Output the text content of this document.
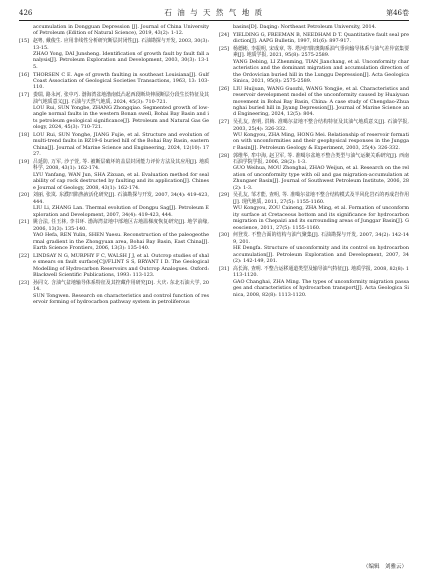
426	石 油 与 天 然 气 地 质	第46卷

accumulation in Dongguan Depression [J]. Journal of China University of Petroleum (Edition of Natural Science), 2019, 43(2): 1-12.

[15] 赵粤, 戴俊生. 应用非线性分析研究断层封闭性[J]. 石油勘探与开发, 2003, 30(3): 13-15.

ZHAO Yong, DAI Junsheng. Identification of growth fault by fault fall analysis[J]. Petroleum Exploration and Development, 2003, 30(3): 13-15.

[16] THORSEN C E. Age of growth faulting in southeast Louisiana[J]. Gulf Coast Association of Geological Societies Transactions, 1963, 13: 103-110.

[17] 娄瑞, 路永河, 张中巧. 渤海湾盆地渤南低凸起西段断块伸展断层分段生长特征及其油气地质意义[J]. 石油与天然气地质, 2024, 45(3): 710-721.

LOU Rui, SUN Yongbe, ZHANG Zhongqiao. Segmented growth of low-angle normal faults in the western Bonan swell, Bohai Bay Basin and its petroleum geological significance[J]. Petroleum and Natural Gas Geology, 2024, 45(3): 710-721.

[18] LOU Rui, SUN Yonghe, JIANG Fujie, et al. Structure and evolution of multi-trend faults in BZ19-6 buried hill of the Bohai Bay Basin, eastern China[J]. Journal of Marine Science and Engineering, 2024, 12(10): 1727.

[19] 吕延防, 万军, 沙子萱, 等. 被断层破坏的盖层封闭能力评价方法及其应用[J]. 地质科学, 2008, 43(1): 162-174.

LYU Yanfang, WAN Jun, SHA Zixuan, et al. Evaluation method for seal ability of cap rock destructed by faulting and its application[J]. Chinese Journal of Geology, 2008, 43(1): 162-174.

[20] 刘丽, 张岚. 东濮凹陷热液活化研究[J]. 石油勘探与开发, 2007, 34(4): 419-423, 444.

LIU Li, ZHANG Lan. Thermal evolution of Dongpu Sag[J]. Petroleum Exploration and Development, 2007, 34(4): 419-423, 444.

[21] 姚合法, 任玉林, 李书环. 渤海湾盆地中部地区古地温梯度恢复研究[J]. 地学前缘, 2006, 13(3): 135-140.

YAO Hefa, REN Yulin, SHEN Yuesu. Reconstruction of the paleogeothermal gradient in the Zhongyuan area, Bohai Bay Basin, East China[J]. Earth Science Frontiers, 2006, 13(3): 135-140.

[22] LINDSAY N G, MURPHY F C, WALSH J J, et al. Outcrop studies of shale smears on fault surface[C]//FLINT S S, BRYANT I D. The Geological Modelling of Hydrocarbon Reservoirs and Outcrop Analogues. Oxford: Blackwell Scientific Publications, 1993: 113-123.

[23] 孙同文. 含油气盆地输导体系特征及其控藏作用研究[D]. 大庆: 东北石油大学, 2014.

SUN Tongwen. Research on characteristics and control function of reservoir forming of hydrocarbon pathway system in petroliferous

basins[D]. Daqing: Northeast Petroleum University, 2014.

[24] YIELDING G, FREEMAN B, NEEDHAM D T. Quantitative fault seal prediction[J]. AAPG Bulletin, 1997, 81(6): 897-917.

[25] 杨德彬, 李振明, 宋成章, 等. 塔河凹陷奥陶系油气垂向输导体系与油气差异富集要素[J]. 地质学报, 2021, 95(8): 2575-2589.

YANG Debing, LI Zhenming, TIAN Jianchang, et al. Unconformity characteristics and the dominant migration and accumulation direction of the Ordovician buried hill in the Lunggu Depression[J]. Acta Geologica Sinica, 2021, 95(8): 2575-2589.

[26] LIU Huijuan, WANG Guozhi, WANG Yongjie, et al. Characteristics and reservoir development model of the unconformity caused by Huaiyuan movement in Bohai Bay Basin, China: A case study of Chengdao-Zhuanghai buried hill in Jiyang Depression[J]. Journal of Marine Science and Engineering, 2024, 12(5): 804.

[27] 吴孔友, 查明, 洪梅. 准噶尔盆地不整合结构特征及其油气地质意义[J]. 石油学报, 2003, 25(4): 326-332.

WU Kongyou, ZHA Ming, HONG Mei. Relationship of reservoir formation with unconformities and their geophysical responses in the Junggar Basin[J]. Petroleum Geology & Experiment, 2003, 25(4): 326-332.

[28] 郭维华, 牟中海, 赵卫军, 等. 准噶尔盆地不整合类型与油气运聚关系研究[J]. 西南石油学院学报, 2006, 28(2): 1-3.

GUO Weihua, MOU Zhonghai, ZHAO Weijun, et al. Research on the relation of unconformity type with oil and gas migration-accumulation at Zhungaer Basin[J]. Journal of Southwest Petroleum Institute, 2006, 28(2): 1-3.

[29] 吴孔友, 邹才能, 查明, 等. 准噶尔盆地不整合结构模式及半风化岩石的再成岩作用[J]. 现代地质, 2011, 27(5): 1155-1160.

WU Kongyou, ZOU Caineng, ZHA Ming, et al. Formation of unconformity surface at Cretaceous bottom and its significance for hydrocarbon migration in Chepaizi and its surrounding areas of Junggar Basin[J]. Geoscience, 2011, 27(5): 1155-1160.

[30] 何登发. 不整合面的结构与油气聚集[J]. 石油勘探与开发, 2007, 34(2): 142-149, 201.

HE Dengfa. Structure of unconformity and its control on hydrocarbon accumulation[J]. Petroleum Exploration and Development, 2007, 34(2): 142-149, 201.

[31] 高长海, 查明. 不整合运移通道类型及输导油气特征[J]. 地质学报, 2008, 82(8): 1113-1120.

GAO Changhai, ZHA Ming. The types of unconformity migration passages and characteristics of hydrocarbon transport[J]. Acta Geologica Sinica, 2008, 82(8): 1113-1120.

（编辑　刘雅云）
